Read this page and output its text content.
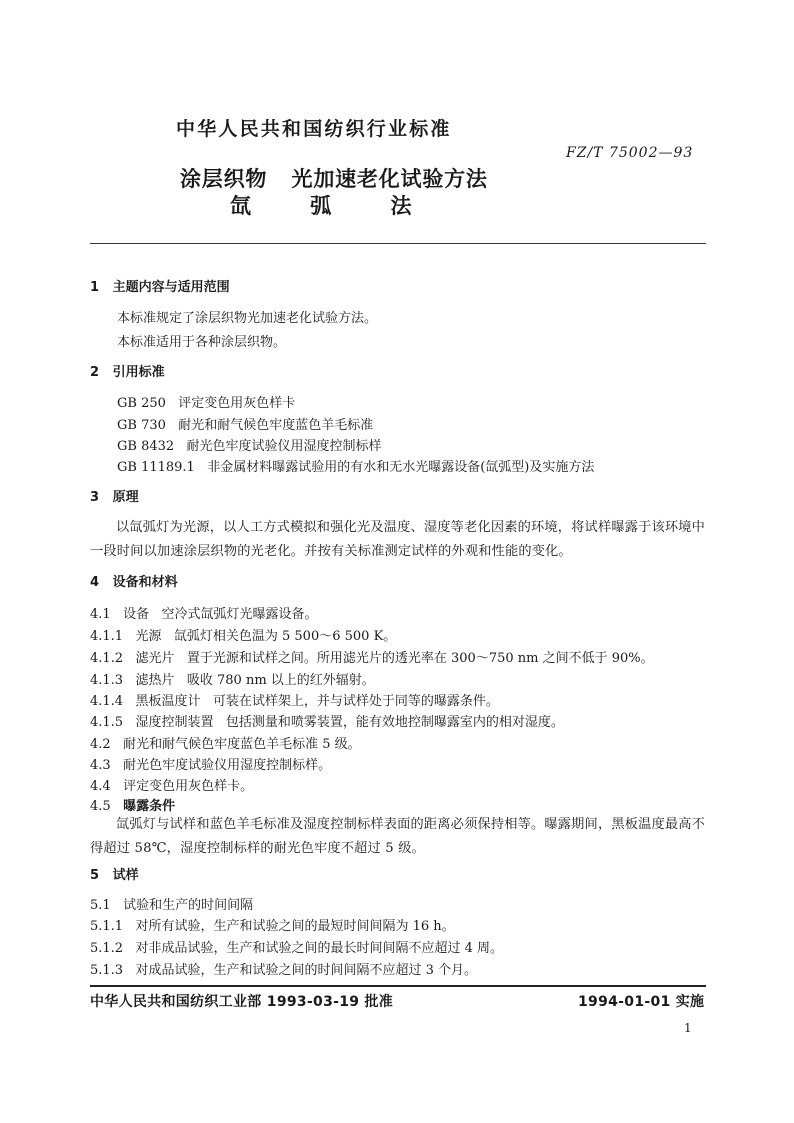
中华人民共和国纺织行业标准
FZ/T 75002—93
涂层织物   光加速老化试验方法
氙    弧    法
1   主题内容与适用范围
本标准规定了涂层织物光加速老化试验方法。
本标准适用于各种涂层织物。
2   引用标准
GB 250   评定变色用灰色样卡
GB 730   耐光和耐气候色牢度蓝色羊毛标准
GB 8432   耐光色牢度试验仪用湿度控制标样
GB 11189.1   非金属材料曝露试验用的有水和无水光曝露设备(氙弧型)及实施方法
3   原理
以氙弧灯为光源，以人工方式模拟和强化光及温度、湿度等老化因素的环境，将试样曝露于该环境中一段时间以加速涂层织物的光老化。并按有关标准测定试样的外观和性能的变化。
4   设备和材料
4.1   设备   空冷式氙弧灯光曝露设备。
4.1.1   光源   氙弧灯相关色温为 5 500～6 500 K。
4.1.2   滤光片   置于光源和试样之间。所用滤光片的透光率在 300～750 nm 之间不低于 90%。
4.1.3   滤热片   吸收 780 nm 以上的红外辐射。
4.1.4   黑板温度计   可装在试样架上，并与试样处于同等的曝露条件。
4.1.5   湿度控制装置   包括测量和喷雾装置，能有效地控制曝露室内的相对湿度。
4.2   耐光和耐气候色牢度蓝色羊毛标准 5 级。
4.3   耐光色牢度试验仪用湿度控制标样。
4.4   评定变色用灰色样卡。
4.5 曝露条件
氙弧灯与试样和蓝色羊毛标准及湿度控制标样表面的距离必须保持相等。曝露期间，黑板温度最高不得超过 58℃，湿度控制标样的耐光色牢度不超过 5 级。
5   试样
5.1   试验和生产的时间间隔
5.1.1   对所有试验，生产和试验之间的最短时间间隔为 16 h。
5.1.2   对非成品试验，生产和试验之间的最长时间间隔不应超过 4 周。
5.1.3   对成品试验，生产和试验之间的时间间隔不应超过 3 个月。
中华人民共和国纺织工业部 1993-03-19 批准	1994-01-01 实施
1
